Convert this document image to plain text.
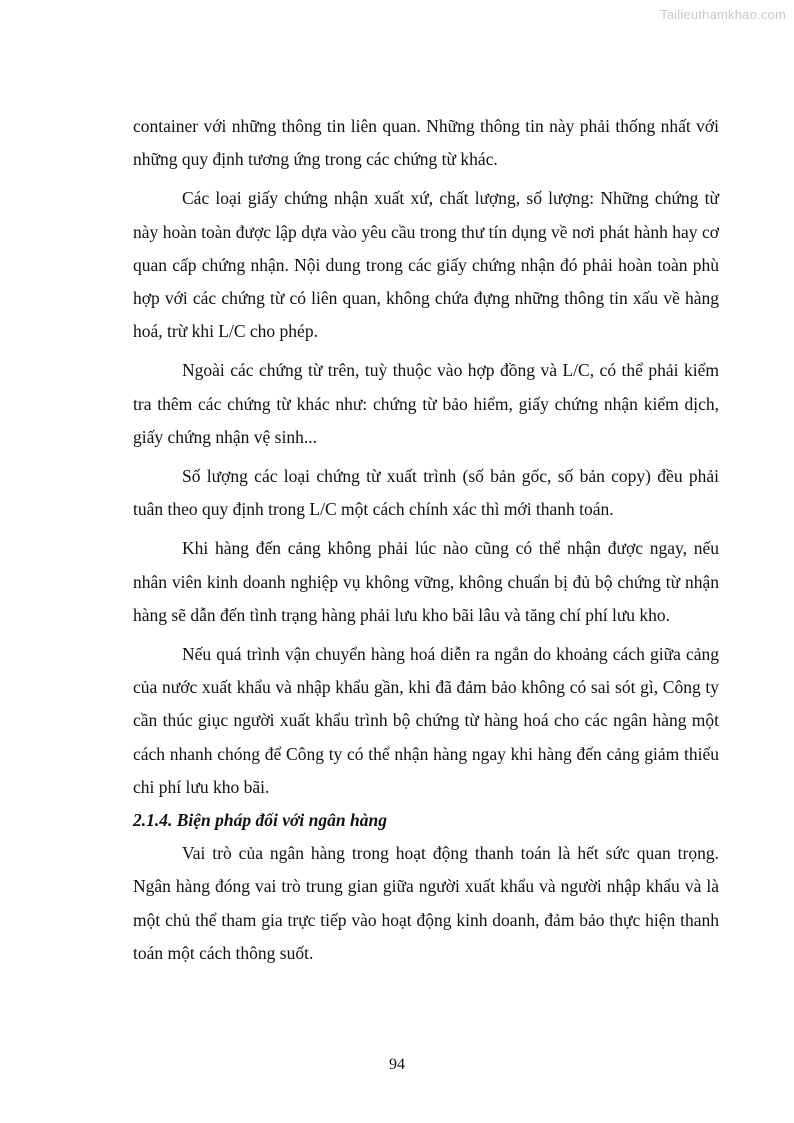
Tailieuthamkhao.com

container với những thông tin liên quan. Những thông tin này phải thống nhất với những quy định tương ứng trong các chứng từ khác.

Các loại giấy chứng nhận xuất xứ, chất lượng, số lượng: Những chứng từ này hoàn toàn được lập dựa vào yêu cầu trong thư tín dụng về nơi phát hành hay cơ quan cấp chứng nhận. Nội dung trong các giấy chứng nhận đó phải hoàn toàn phù hợp với các chứng từ có liên quan, không chứa đựng những thông tin xấu về hàng hoá, trừ khi L/C cho phép.

Ngoài các chứng từ trên, tuỳ thuộc vào hợp đồng và L/C, có thể phải kiểm tra thêm các chứng từ khác như: chứng từ bảo hiểm, giấy chứng nhận kiểm dịch, giấy chứng nhận vệ sinh...

Số lượng các loại chứng từ xuất trình (số bản gốc, số bản copy) đều phải tuân theo quy định trong L/C một cách chính xác thì mới thanh toán.

Khi hàng đến cảng không phải lúc nào cũng có thể nhận được ngay, nếu nhân viên kinh doanh nghiệp vụ không vững, không chuẩn bị đủ bộ chứng từ nhận hàng sẽ dẫn đến tình trạng hàng phải lưu kho bãi lâu và tăng chí phí lưu kho.

Nếu quá trình vận chuyển hàng hoá diễn ra ngắn do khoảng cách giữa cảng của nước xuất khẩu và nhập khẩu gần, khi đã đảm bảo không có sai sót gì, Công ty cần thúc giục người xuất khẩu trình bộ chứng từ hàng hoá cho các ngân hàng một cách nhanh chóng để Công ty có thể nhận hàng ngay khi hàng đến cảng giảm thiểu chi phí lưu kho bãi.

2.1.4. Biện pháp đối với ngân hàng

Vai trò của ngân hàng trong hoạt động thanh toán là hết sức quan trọng. Ngân hàng đóng vai trò trung gian giữa người xuất khẩu và người nhập khẩu và là một chủ thể tham gia trực tiếp vào hoạt động kinh doanh, đảm bảo thực hiện thanh toán một cách thông suốt.

94
